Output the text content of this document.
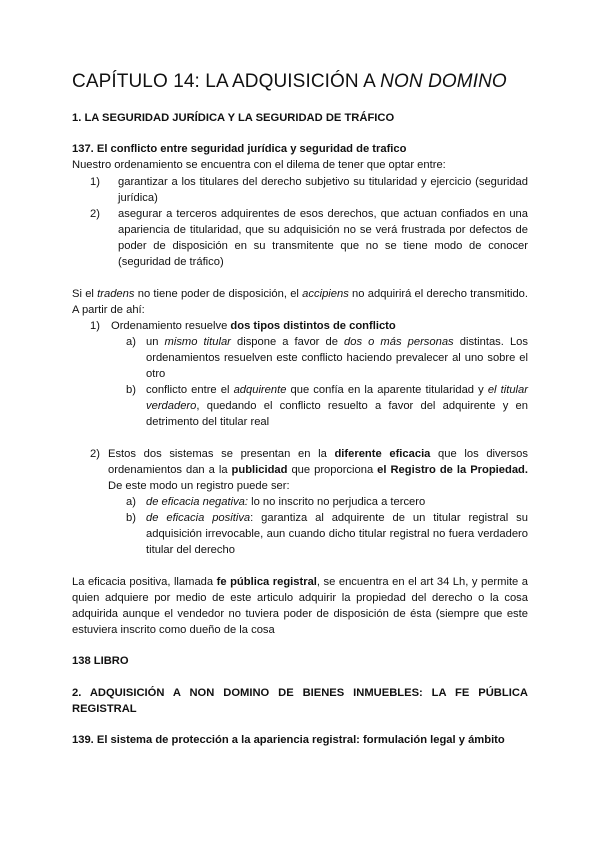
CAPÍTULO 14: LA ADQUISICIÓN A NON DOMINO
1. LA SEGURIDAD JURÍDICA Y LA SEGURIDAD DE TRÁFICO
137. El conflicto entre seguridad jurídica y seguridad de trafico
Nuestro ordenamiento se encuentra con el dilema de tener que optar entre:
1) garantizar a los titulares del derecho subjetivo su titularidad y ejercicio (seguridad
jurídica)
2) asegurar a terceros adquirentes de esos derechos, que actuan confiados en una
apariencia de titularidad, que su adquisición no se verá frustrada por defectos de
poder de disposición en su transmitente que no se tiene modo de conocer
(seguridad de tráfico)
Si el tradens no tiene poder de disposición, el accipiens no adquirirá el derecho transmitido.
A partir de ahí:
1) Ordenamiento resuelve dos tipos distintos de conflicto
a) un mismo titular dispone a favor de dos o más personas distintas. Los
ordenamientos resuelven este conflicto haciendo prevalecer al uno sobre el
otro
b) conflicto entre el adquirente que confía en la aparente titularidad y el titular
verdadero, quedando el conflicto resuelto a favor del adquirente y en
detrimento del titular real
2) Estos dos sistemas se presentan en la diferente eficacia que los diversos
ordenamientos dan a la publicidad que proporciona el Registro de la Propiedad.
De este modo un registro puede ser:
a) de eficacia negativa: lo no inscrito no perjudica a tercero
b) de eficacia positiva: garantiza al adquirente de un titular registral su
adquisición irrevocable, aun cuando dicho titular registral no fuera verdadero
titular del derecho
La eficacia positiva, llamada fe pública registral, se encuentra en el art 34 Lh, y permite a
quien adquiere por medio de este articulo adquirir la propiedad del derecho o la cosa
adquirida aunque el vendedor no tuviera poder de disposición de ésta (siempre que este
estuviera inscrito como dueño de la cosa
138 LIBRO
2. ADQUISICIÓN A NON DOMINO DE BIENES INMUEBLES: LA FE PÚBLICA
REGISTRAL
139. El sistema de protección a la apariencia registral: formulación legal y ámbito
